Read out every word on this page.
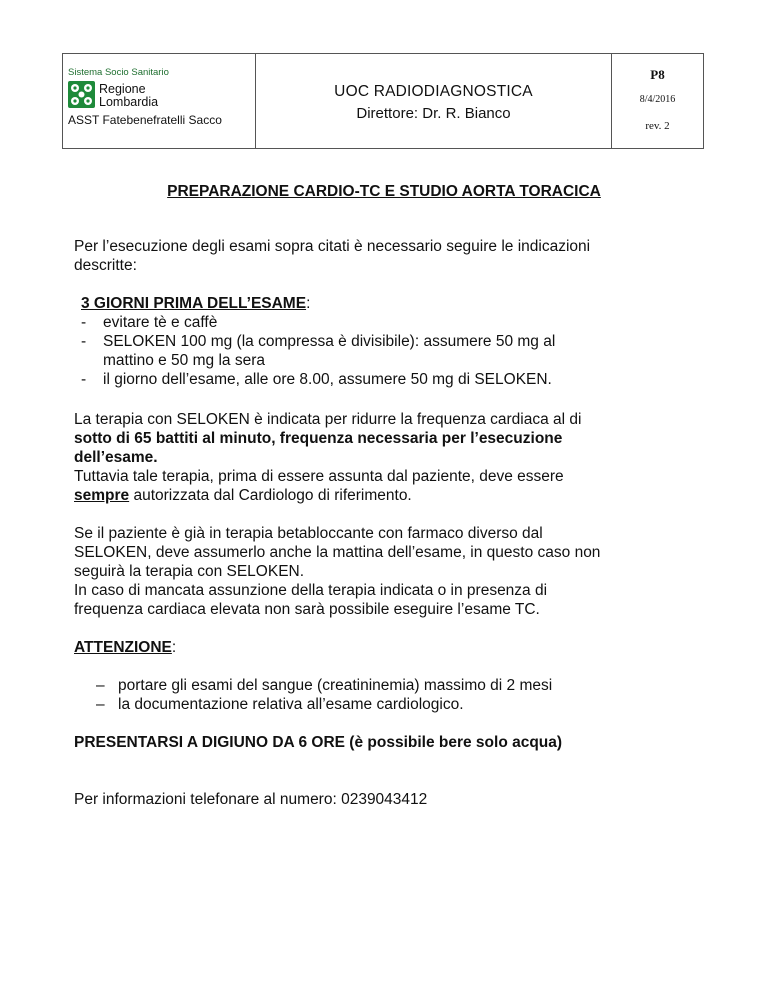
Sistema Socio Sanitario
Regione
Lombardia
ASST Fatebenefratelli Sacco
UOC RADIODIAGNOSTICA
Direttore: Dr. R. Bianco
P8
8/4/2016
rev. 2
PREPARAZIONE CARDIO-TC E STUDIO AORTA TORACICA
Per l’esecuzione degli esami sopra citati è necessario seguire le indicazioni
descritte:
3 GIORNI PRIMA DELL’ESAME:
- evitare tè e caffè
- SELOKEN 100 mg (la compressa è divisibile): assumere 50 mg al
mattino e 50 mg la sera
- il giorno dell’esame, alle ore 8.00, assumere 50 mg di SELOKEN.
La terapia con SELOKEN è indicata per ridurre la frequenza cardiaca al di
sotto di 65 battiti al minuto, frequenza necessaria per l’esecuzione
dell’esame.
Tuttavia tale terapia, prima di essere assunta dal paziente, deve essere
sempre autorizzata dal Cardiologo di riferimento.
Se il paziente è già in terapia betabloccante con farmaco diverso dal
SELOKEN, deve assumerlo anche la mattina dell’esame, in questo caso non
seguirà la terapia con SELOKEN.
In caso di mancata assunzione della terapia indicata o in presenza di
frequenza cardiaca elevata non sarà possibile eseguire l’esame TC.
ATTENZIONE:
– portare gli esami del sangue (creatininemia) massimo di 2 mesi
– la documentazione relativa all’esame cardiologico.
PRESENTARSI A DIGIUNO DA 6 ORE (è possibile bere solo acqua)
Per informazioni telefonare al numero: 0239043412
